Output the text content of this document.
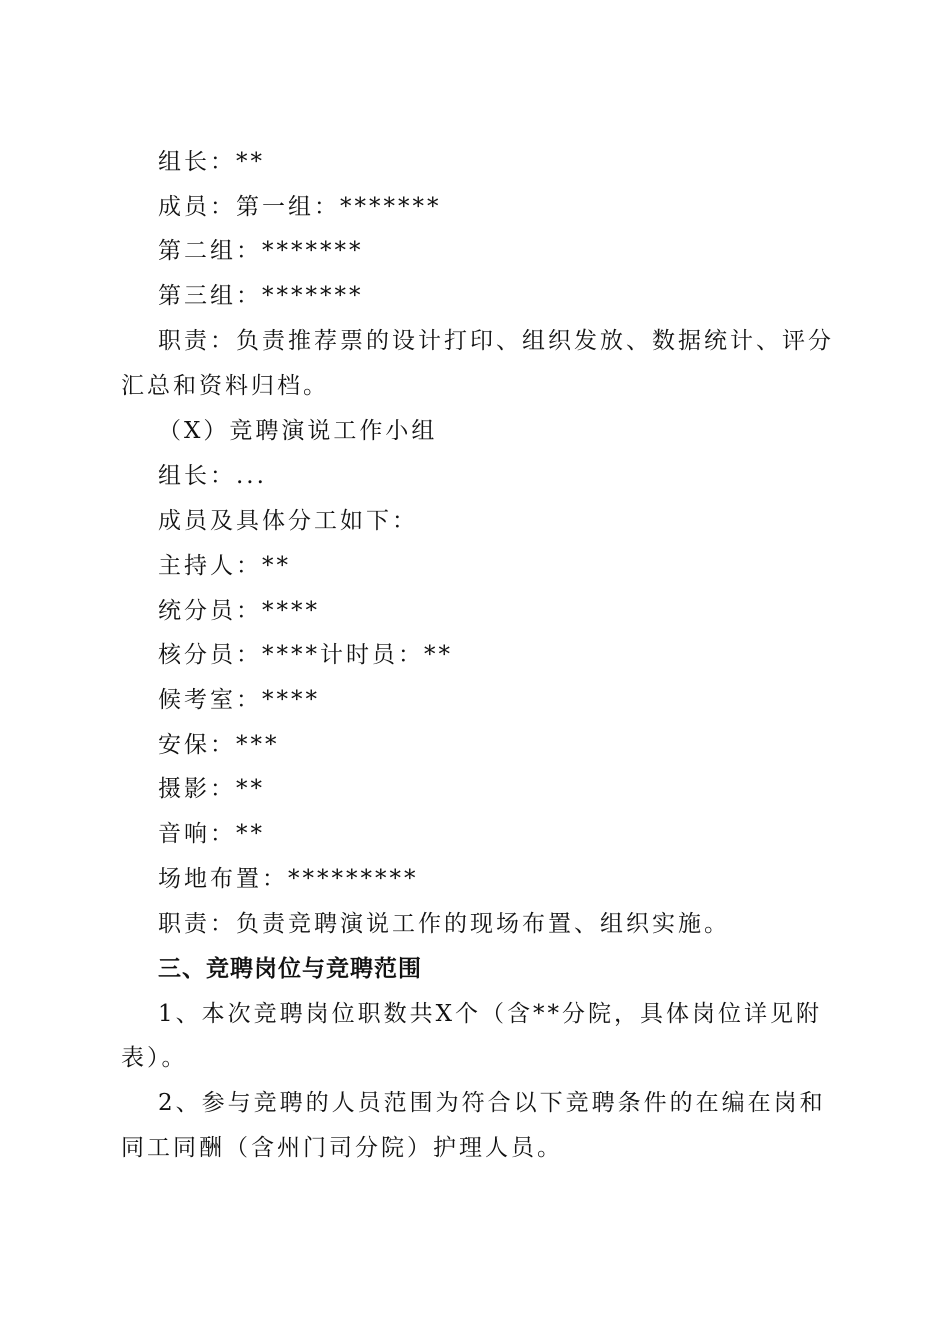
组长：**
成员：第一组：*******
第二组：*******
第三组：*******
职责：负责推荐票的设计打印、组织发放、数据统计、评分
汇总和资料归档。
（X）竞聘演说工作小组
组长：...
成员及具体分工如下：
主持人：**
统分员：****
核分员：****计时员：**
候考室：****
安保：***
摄影：**
音响：**
场地布置：*********
职责：负责竞聘演说工作的现场布置、组织实施。
三、竞聘岗位与竞聘范围
1、本次竞聘岗位职数共X个（含**分院，具体岗位详见附
表）。
2、参与竞聘的人员范围为符合以下竞聘条件的在编在岗和
同工同酬（含州门司分院）护理人员。
